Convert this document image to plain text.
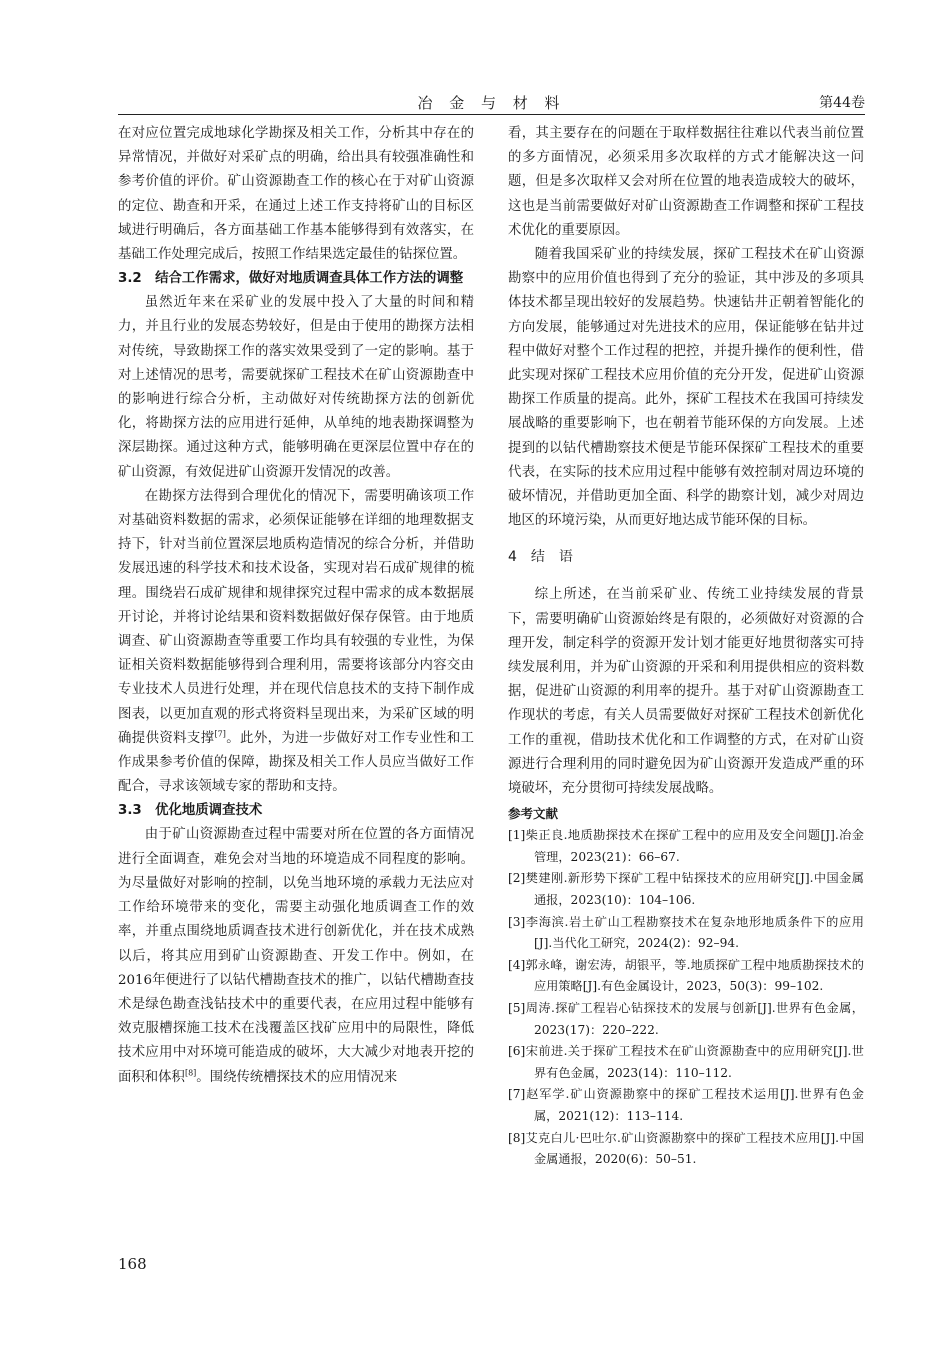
冶 金 与 材 料	第44卷

在对应位置完成地球化学勘探及相关工作，分析其中存在的异常情况，并做好对采矿点的明确，给出具有较强准确性和参考价值的评价。矿山资源勘查工作的核心在于对矿山资源的定位、勘查和开采，在通过上述工作支持将矿山的目标区域进行明确后，各方面基础工作基本能够得到有效落实，在基础工作处理完成后，按照工作结果选定最佳的钻探位置。

3.2　结合工作需求，做好对地质调查具体工作方法的调整

虽然近年来在采矿业的发展中投入了大量的时间和精力，并且行业的发展态势较好，但是由于使用的勘探方法相对传统，导致勘探工作的落实效果受到了一定的影响。基于对上述情况的思考，需要就探矿工程技术在矿山资源勘查中的影响进行综合分析，主动做好对传统勘探方法的创新优化，将勘探方法的应用进行延伸，从单纯的地表勘探调整为深层勘探。通过这种方式，能够明确在更深层位置中存在的矿山资源，有效促进矿山资源开发情况的改善。

在勘探方法得到合理优化的情况下，需要明确该项工作对基础资料数据的需求，必须保证能够在详细的地理数据支持下，针对当前位置深层地质构造情况的综合分析，并借助发展迅速的科学技术和技术设备，实现对岩石成矿规律的梳理。围绕岩石成矿规律和规律探究过程中需求的成本数据展开讨论，并将讨论结果和资料数据做好保存保管。由于地质调查、矿山资源勘查等重要工作均具有较强的专业性，为保证相关资料数据能够得到合理利用，需要将该部分内容交由专业技术人员进行处理，并在现代信息技术的支持下制作成图表，以更加直观的形式将资料呈现出来，为采矿区域的明确提供资料支撑[7]。此外，为进一步做好对工作专业性和工作成果参考价值的保障，勘探及相关工作人员应当做好工作配合，寻求该领域专家的帮助和支持。

3.3　优化地质调查技术

由于矿山资源勘查过程中需要对所在位置的各方面情况进行全面调查，难免会对当地的环境造成不同程度的影响。为尽量做好对影响的控制，以免当地环境的承载力无法应对工作给环境带来的变化，需要主动强化地质调查工作的效率，并重点围绕地质调查技术进行创新优化，并在技术成熟以后，将其应用到矿山资源勘查、开发工作中。例如，在2016年便进行了以钻代槽勘查技术的推广，以钻代槽勘查技术是绿色勘查浅钻技术中的重要代表，在应用过程中能够有效克服槽探施工技术在浅覆盖区找矿应用中的局限性，降低技术应用中对环境可能造成的破坏，大大减少对地表开挖的面积和体积[8]。围绕传统槽探技术的应用情况来

看，其主要存在的问题在于取样数据往往难以代表当前位置的多方面情况，必须采用多次取样的方式才能解决这一问题，但是多次取样又会对所在位置的地表造成较大的破坏，这也是当前需要做好对矿山资源勘查工作调整和探矿工程技术优化的重要原因。

随着我国采矿业的持续发展，探矿工程技术在矿山资源勘察中的应用价值也得到了充分的验证，其中涉及的多项具体技术都呈现出较好的发展趋势。快速钻井正朝着智能化的方向发展，能够通过对先进技术的应用，保证能够在钻井过程中做好对整个工作过程的把控，并提升操作的便利性，借此实现对探矿工程技术应用价值的充分开发，促进矿山资源勘探工作质量的提高。此外，探矿工程技术在我国可持续发展战略的重要影响下，也在朝着节能环保的方向发展。上述提到的以钻代槽勘察技术便是节能环保探矿工程技术的重要代表，在实际的技术应用过程中能够有效控制对周边环境的破坏情况，并借助更加全面、科学的勘察计划，减少对周边地区的环境污染，从而更好地达成节能环保的目标。

4　结　语

综上所述，在当前采矿业、传统工业持续发展的背景下，需要明确矿山资源始终是有限的，必须做好对资源的合理开发，制定科学的资源开发计划才能更好地贯彻落实可持续发展利用，并为矿山资源的开采和利用提供相应的资料数据，促进矿山资源的利用率的提升。基于对矿山资源勘查工作现状的考虑，有关人员需要做好对探矿工程技术创新优化工作的重视，借助技术优化和工作调整的方式，在对矿山资源进行合理利用的同时避免因为矿山资源开发造成严重的环境破坏，充分贯彻可持续发展战略。

参考文献
[1]柴正良.地质勘探技术在探矿工程中的应用及安全问题[J].冶金管理，2023(21)：66–67.
[2]樊建刚.新形势下探矿工程中钻探技术的应用研究[J].中国金属通报，2023(10)：104–106.
[3]李海滨.岩土矿山工程勘察技术在复杂地形地质条件下的应用[J].当代化工研究，2024(2)：92–94.
[4]郭永峰，谢宏涛，胡银平，等.地质探矿工程中地质勘探技术的应用策略[J].有色金属设计，2023，50(3)：99–102.
[5]周涛.探矿工程岩心钻探技术的发展与创新[J].世界有色金属，2023(17)：220–222.
[6]宋前进.关于探矿工程技术在矿山资源勘查中的应用研究[J].世界有色金属，2023(14)：110–112.
[7]赵军学.矿山资源勘察中的探矿工程技术运用[J].世界有色金属，2021(12)：113–114.
[8]艾克白儿·巴吐尔.矿山资源勘察中的探矿工程技术应用[J].中国金属通报，2020(6)：50–51.
168
